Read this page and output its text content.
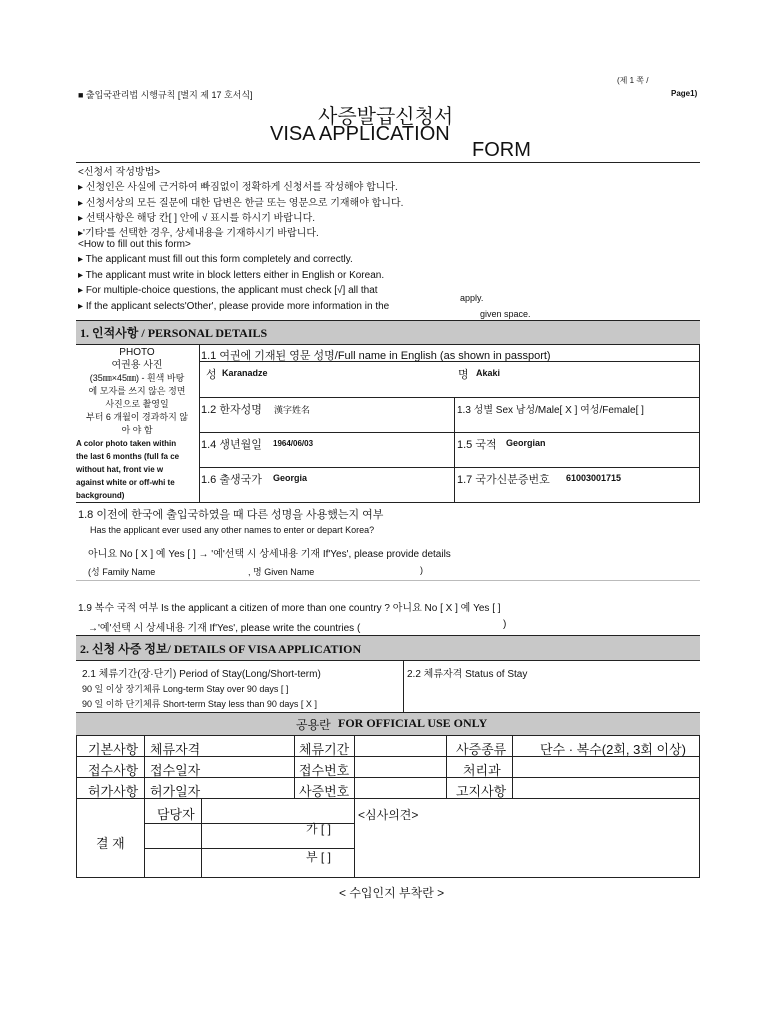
(제 1 쪽 /
Page1)
■ 출입국관리법 시행규칙 [별지 제 17 호서식]
사증발급신청서
VISA APPLICATION
FORM
<신청서 작성방법>
▸ 신청인은 사실에 근거하여 빠짐없이 정확하게 신청서를 작성해야 합니다.
▸ 신청서상의 모든 질문에 대한 답변은 한글 또는 영문으로 기재해야 합니다.
▸ 선택사항은 해당 칸[ ] 안에 √ 표시를 하시기 바랍니다.
▸'기타'를 선택한 경우, 상세내용을 기재하시기 바랍니다.
<How to fill out this form>
▸ The applicant must fill out this form completely and correctly.
▸ The applicant must write in block letters either in English or Korean.
▸ For multiple-choice questions, the applicant must check [√] all that
▸ If the applicant selects'Other', please provide more information in the
apply.
given space.
1. 인적사항 / PERSONAL DETAILS
PHOTO
여권용 사진
(35㎜×45㎜) - 흰색 바탕
에 모자를 쓰지 않은 정면
사진으로 촬영일
부터 6 개월이 경과하지 않
아 야 함
A color photo taken within
the last 6 months (full fa ce
without hat, front vie w
against white or off-whi te
background)
1.1 여권에 기재된 영문 성명/Full name in English (as shown in passport)
성 Karanadze	명 Akaki
1.2 한자성명 漢字姓名	1.3 성별 Sex 남성/Male[ X ] 여성/Female[ ]
1.4 생년월일 1964/06/03	1.5 국적 Georgian
1.6 출생국가 Georgia	1.7 국가신분증번호 61003001715
1.8 이전에 한국에 출입국하였을 때 다른 성명을 사용했는지 여부
Has the applicant ever used any other names to enter or depart Korea?
아니요 No [ X ] 예 Yes [ ] → '예'선택 시 상세내용 기재 If'Yes', please provide details
(성 Family Name	, 명 Given Name	)
1.9 복수 국적 여부 Is the applicant a citizen of more than one country ? 아니요 No [ X ] 예 Yes [ ]
→'예'선택 시 상세내용 기재 If'Yes', please write the countries (	)
2. 신청 사증 정보/ DETAILS OF VISA APPLICATION
2.1 체류기간(장·단기) Period of Stay(Long/Short-term)
90 일 이상 장기체류 Long-term Stay over 90 days [ ]
90 일 이하 단기체류 Short-term Stay less than 90 days [ X ]
2.2 체류자격 Status of Stay
공용란 FOR OFFICIAL USE ONLY
기본사항 체류자격	체류기간	사증종류	단수 · 복수(2회, 3회 이상)
접수사항 접수일자	접수번호	처리과
허가사항 허가일자	사증번호	고지사항
결 재
담당자	<심사의견>
가 [ ]
부 [ ]
< 수입인지 부착란 >
